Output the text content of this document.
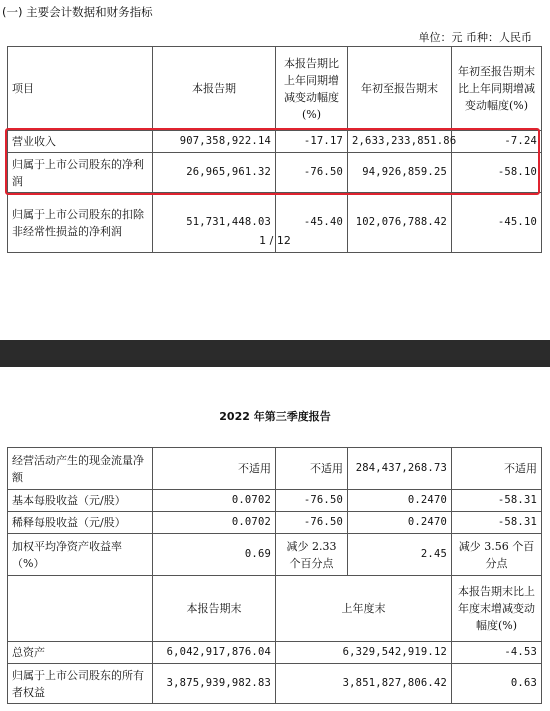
(一) 主要会计数据和财务指标
单位：元 币种：人民币
项目	本报告期	本报告期比上年同期增减变动幅度(%)	年初至报告期末	年初至报告期末比上年同期增减变动幅度(%)
营业收入	907,358,922.14	-17.17	2,633,233,851.86	-7.24
归属于上市公司股东的净利润	26,965,961.32	-76.50	94,926,859.25	-58.10
归属于上市公司股东的扣除非经常性损益的净利润	51,731,448.03	-45.40	102,076,788.42	-45.10
1 / 12
2022 年第三季度报告
经营活动产生的现金流量净额	不适用	不适用	284,437,268.73	不适用
基本每股收益（元/股）	0.0702	-76.50	0.2470	-58.31
稀释每股收益（元/股）	0.0702	-76.50	0.2470	-58.31
加权平均净资产收益率（%）	0.69	减少 2.33 个百分点	2.45	减少 3.56 个百分点
	本报告期末	上年度末		本报告期末比上年度末增减变动幅度(%)
总资产	6,042,917,876.04	6,329,542,919.12		-4.53
归属于上市公司股东的所有者权益	3,875,939,982.83	3,851,827,806.42		0.63
